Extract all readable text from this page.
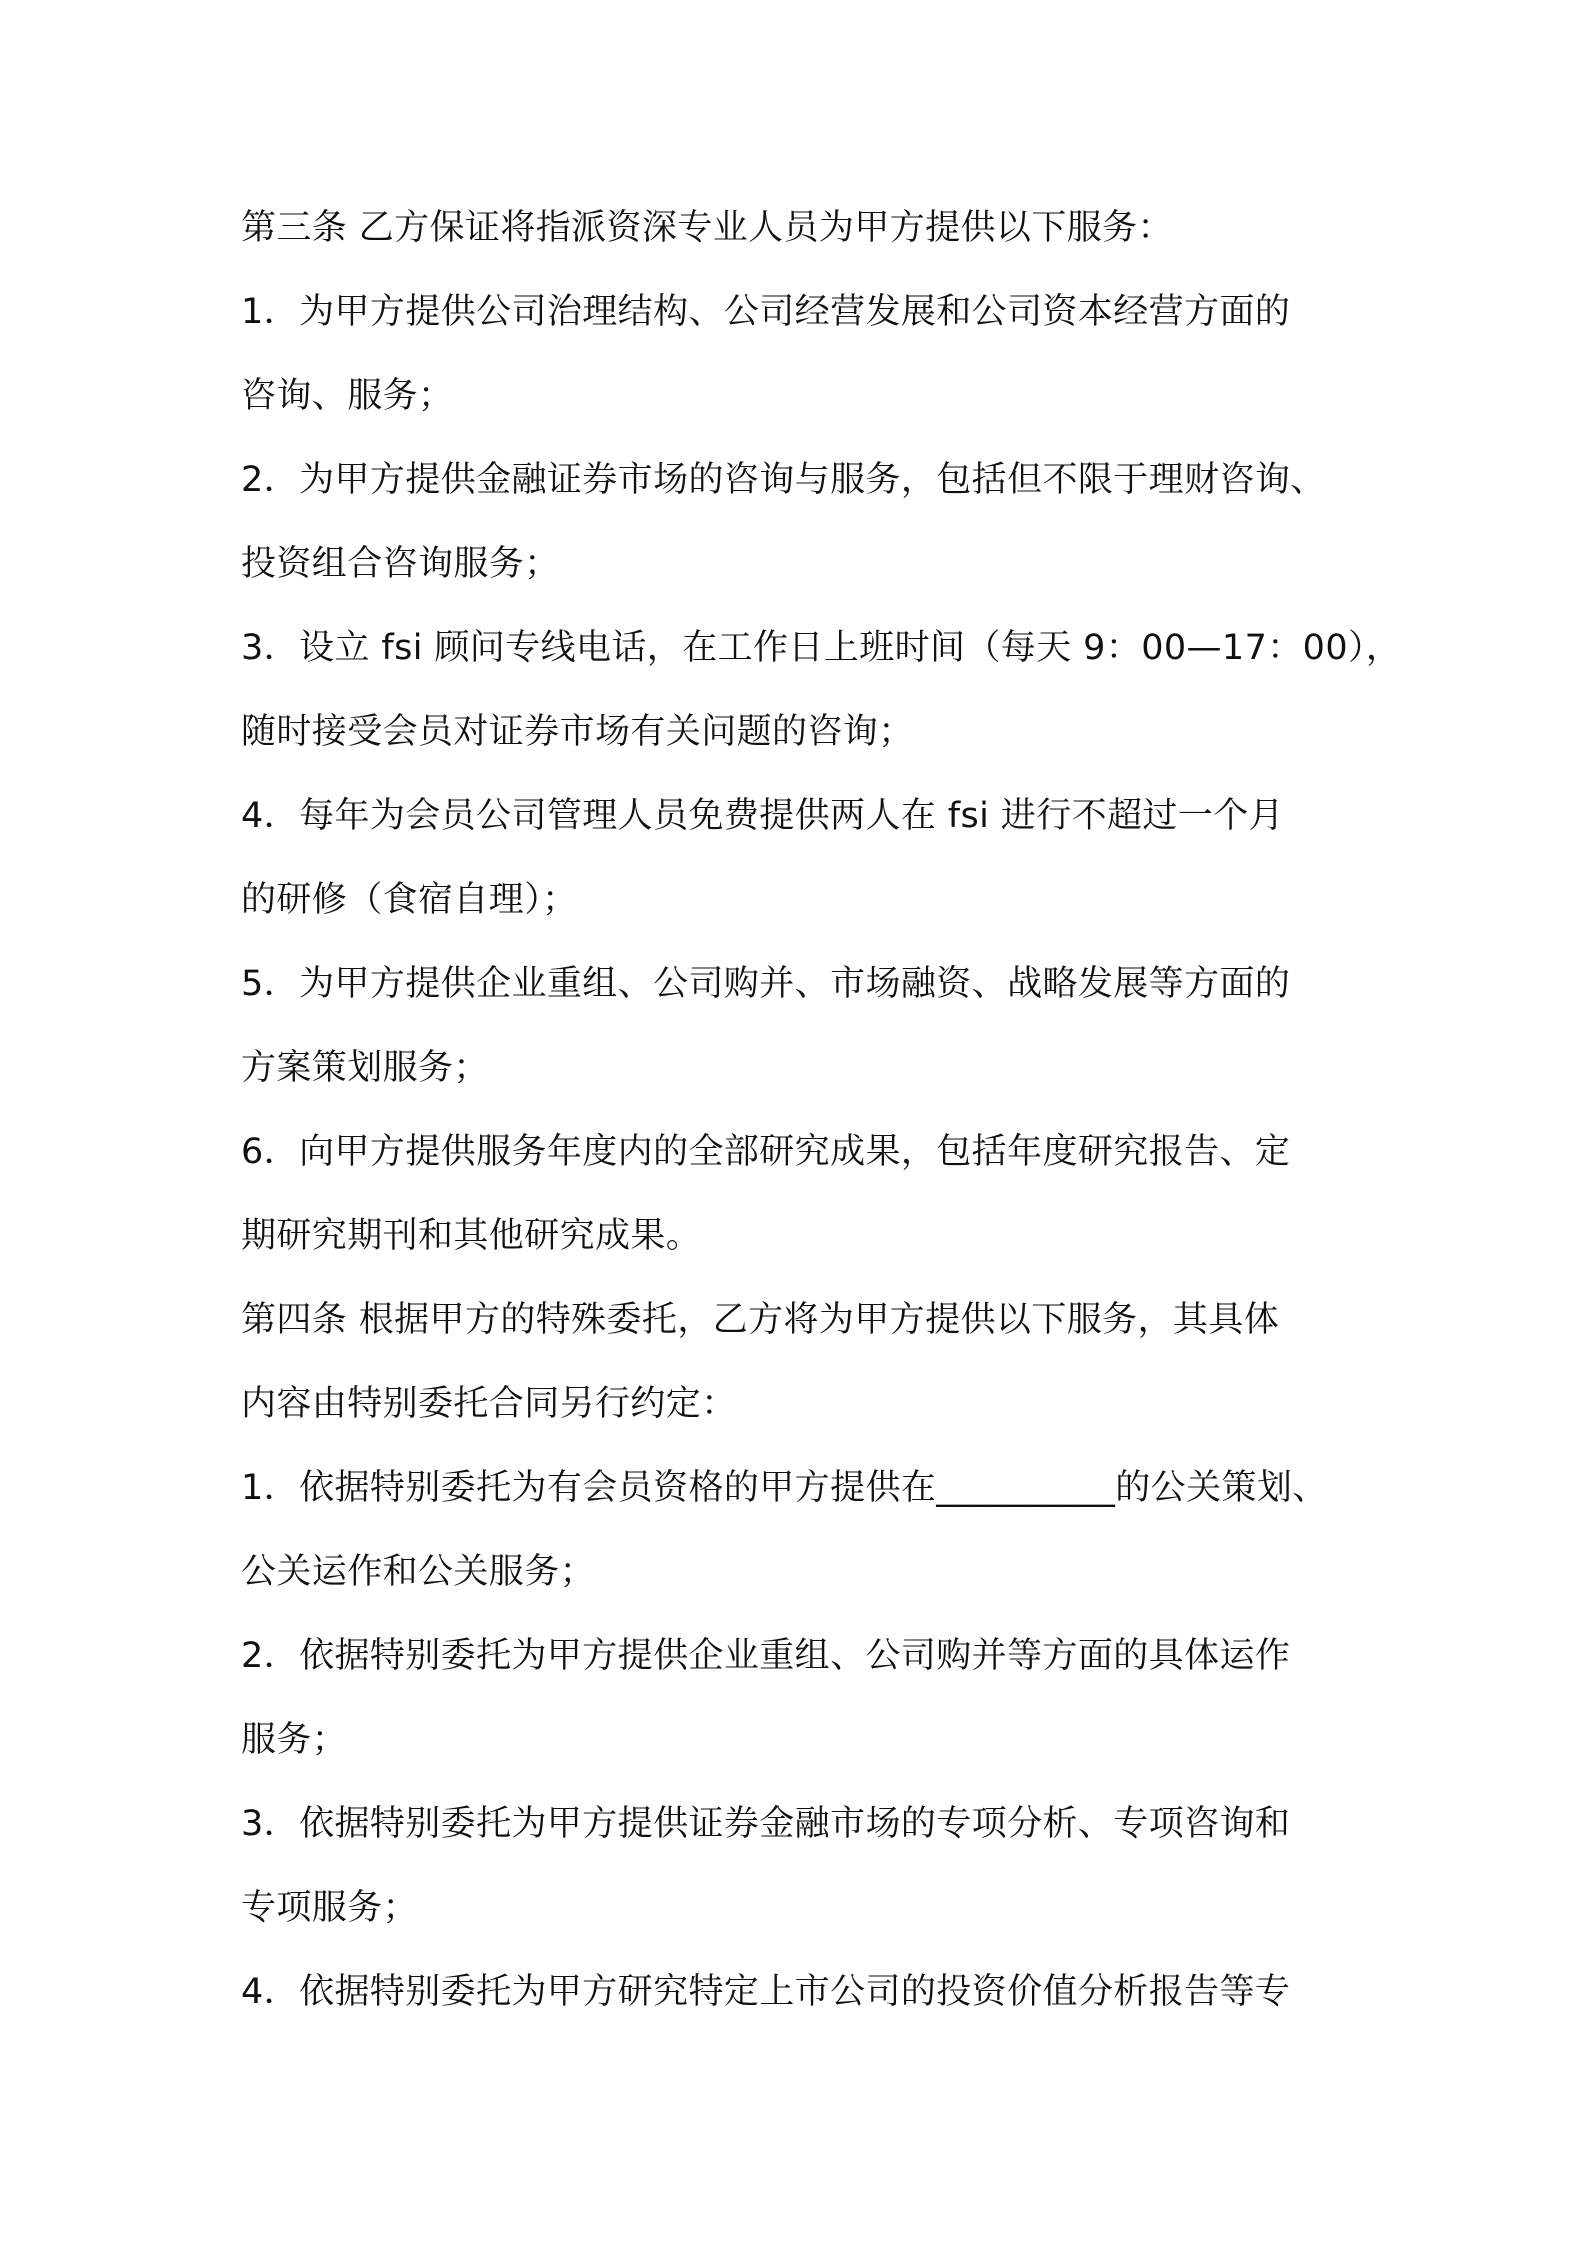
第三条 乙方保证将指派资深专业人员为甲方提供以下服务：
1．为甲方提供公司治理结构、公司经营发展和公司资本经营方面的
咨询、服务；
2．为甲方提供金融证券市场的咨询与服务，包括但不限于理财咨询、
投资组合咨询服务；
3．设立 fsi 顾问专线电话，在工作日上班时间（每天 9：00—17：00），
随时接受会员对证券市场有关问题的咨询；
4．每年为会员公司管理人员免费提供两人在 fsi 进行不超过一个月
的研修（食宿自理）；
5．为甲方提供企业重组、公司购并、市场融资、战略发展等方面的
方案策划服务；
6．向甲方提供服务年度内的全部研究成果，包括年度研究报告、定
期研究期刊和其他研究成果。
第四条 根据甲方的特殊委托，乙方将为甲方提供以下服务，其具体
内容由特别委托合同另行约定：
1．依据特别委托为有会员资格的甲方提供在__________的公关策划、
公关运作和公关服务；
2．依据特别委托为甲方提供企业重组、公司购并等方面的具体运作
服务；
3．依据特别委托为甲方提供证券金融市场的专项分析、专项咨询和
专项服务；
4．依据特别委托为甲方研究特定上市公司的投资价值分析报告等专
